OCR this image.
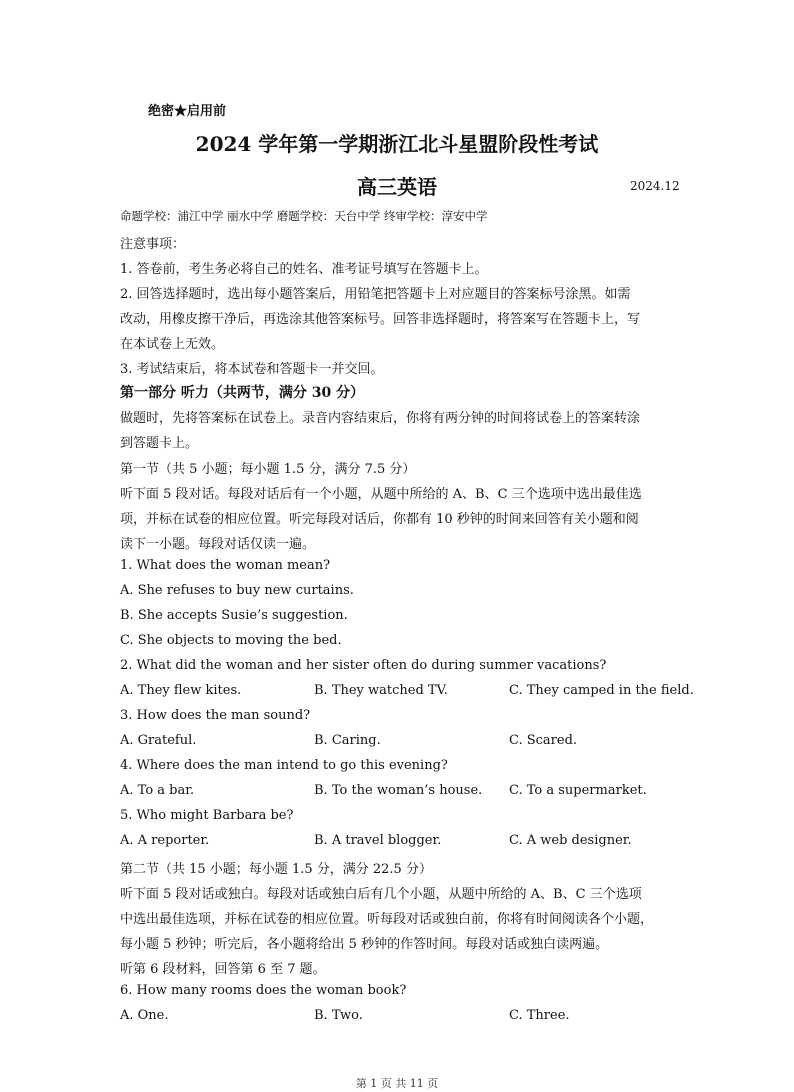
绝密★启用前
2024 学年第一学期浙江北斗星盟阶段性考试
高三英语	2024.12
命题学校：浦江中学 丽水中学 磨题学校：天台中学 终审学校：淳安中学
注意事项：
1. 答卷前，考生务必将自己的姓名、准考证号填写在答题卡上。
2. 回答选择题时，选出每小题答案后，用铅笔把答题卡上对应题目的答案标号涂黑。如需
改动，用橡皮擦干净后，再选涂其他答案标号。回答非选择题时，将答案写在答题卡上，写
在本试卷上无效。
3. 考试结束后，将本试卷和答题卡一并交回。
第一部分 听力（共两节，满分 30 分）
做题时，先将答案标在试卷上。录音内容结束后，你将有两分钟的时间将试卷上的答案转涂
到答题卡上。
第一节（共 5 小题；每小题 1.5 分，满分 7.5 分）
听下面 5 段对话。每段对话后有一个小题，从题中所给的 A、B、C 三个选项中选出最佳选
项，并标在试卷的相应位置。听完每段对话后，你都有 10 秒钟的时间来回答有关小题和阅
读下一小题。每段对话仅读一遍。
1. What does the woman mean?
A. She refuses to buy new curtains.
B. She accepts Susie’s suggestion.
C. She objects to moving the bed.
2. What did the woman and her sister often do during summer vacations?
A. They flew kites.	B. They watched TV.	C. They camped in the field.
3. How does the man sound?
A. Grateful.	B. Caring.	C. Scared.
4. Where does the man intend to go this evening?
A. To a bar.	B. To the woman’s house. C. To a supermarket.
5. Who might Barbara be?
A. A reporter.	B. A travel blogger.	C. A web designer.
第二节（共 15 小题；每小题 1.5 分，满分 22.5 分）
听下面 5 段对话或独白。每段对话或独白后有几个小题，从题中所给的 A、B、C 三个选项
中选出最佳选项，并标在试卷的相应位置。听每段对话或独白前，你将有时间阅读各个小题，
每小题 5 秒钟；听完后，各小题将给出 5 秒钟的作答时间。每段对话或独白读两遍。
听第 6 段材料，回答第 6 至 7 题。
6. How many rooms does the woman book?
A. One.	B. Two.	C. Three.
第 1 页 共 11 页
